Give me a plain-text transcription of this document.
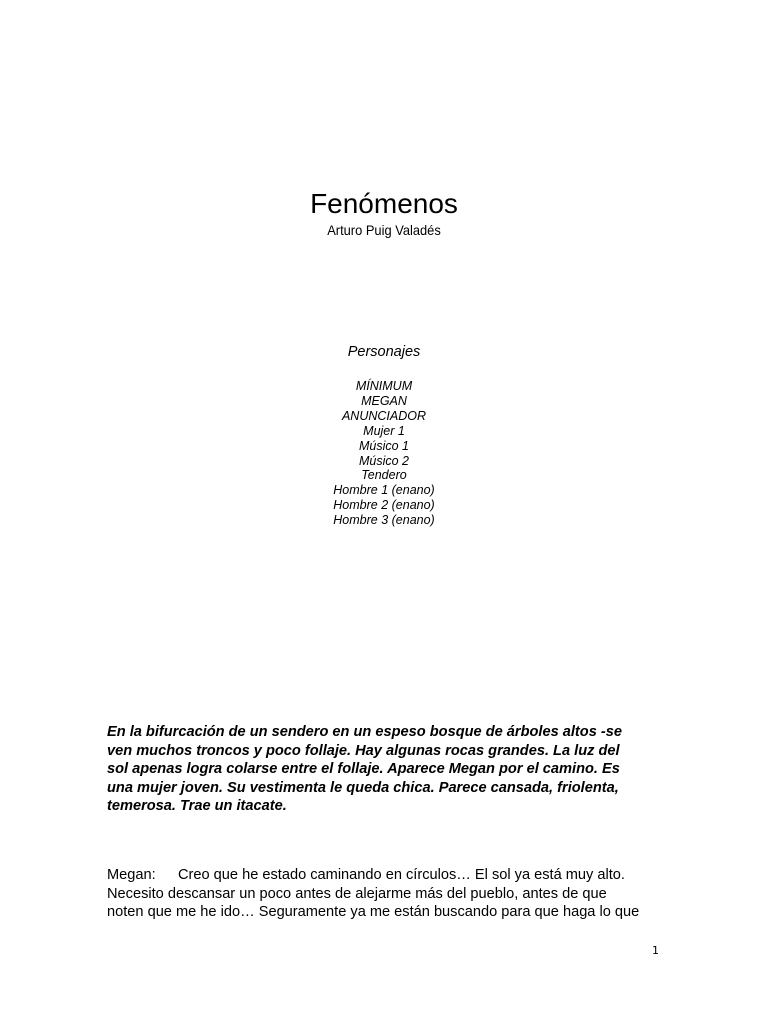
Fenómenos
Arturo Puig Valadés
Personajes
MÍNIMUM
MEGAN
ANUNCIADOR
Mujer 1
Músico 1
Músico 2
Tendero
Hombre 1 (enano)
Hombre 2 (enano)
Hombre 3 (enano)
En la bifurcación de un sendero en un espeso bosque de árboles altos -se
ven muchos troncos y poco follaje. Hay algunas rocas grandes. La luz del
sol apenas logra colarse entre el follaje. Aparece Megan por el camino. Es
una mujer joven. Su vestimenta le queda chica. Parece cansada, friolenta,
temerosa. Trae un itacate.
Megan: Creo que he estado caminando en círculos… El sol ya está muy alto.
Necesito descansar un poco antes de alejarme más del pueblo, antes de que
noten que me he ido… Seguramente ya me están buscando para que haga lo que
1
